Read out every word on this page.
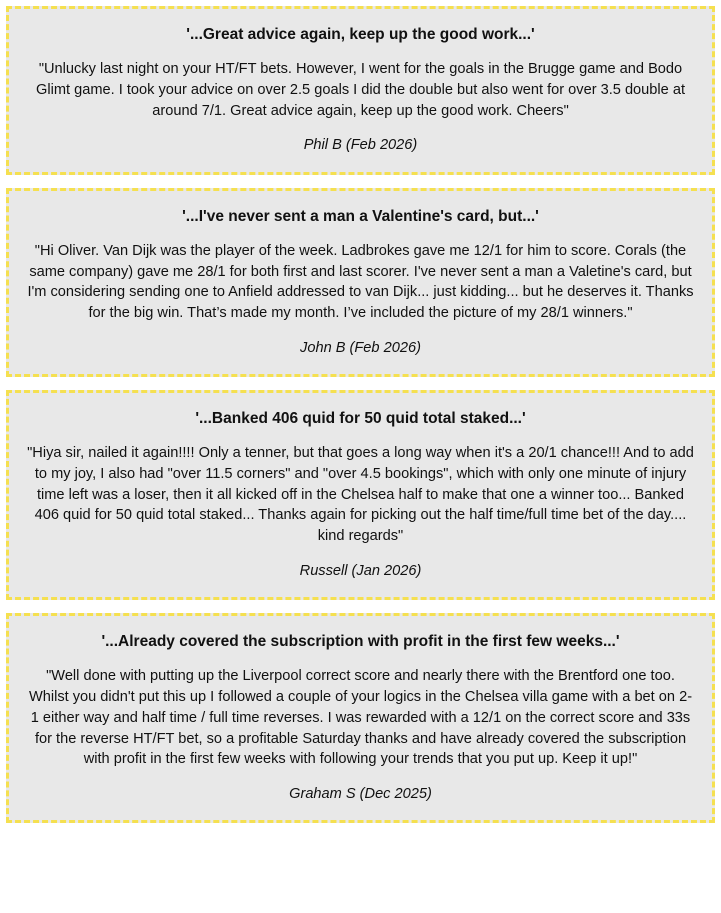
'...Great advice again, keep up the good work...'

"Unlucky last night on your HT/FT bets. However, I went for the goals in the Brugge game and Bodo Glimt game. I took your advice on over 2.5 goals I did the double but also went for over 3.5 double at around 7/1. Great advice again, keep up the good work. Cheers"

Phil B (Feb 2026)

'...I've never sent a man a Valentine's card, but...'

"Hi Oliver. Van Dijk was the player of the week. Ladbrokes gave me 12/1 for him to score. Corals (the same company) gave me 28/1 for both first and last scorer. I've never sent a man a Valetine's card, but I'm considering sending one to Anfield addressed to van Dijk... just kidding... but he deserves it. Thanks for the big win. That’s made my month. I’ve included the picture of my 28/1 winners."

John B (Feb 2026)

'...Banked 406 quid for 50 quid total staked...'

"Hiya sir, nailed it again!!!! Only a tenner, but that goes a long way when it's a 20/1 chance!!! And to add to my joy, I also had "over 11.5 corners" and "over 4.5 bookings", which with only one minute of injury time left was a loser, then it all kicked off in the Chelsea half to make that one a winner too... Banked 406 quid for 50 quid total staked... Thanks again for picking out the half time/full time bet of the day.... kind regards"

Russell (Jan 2026)

'...Already covered the subscription with profit in the first few weeks...'

"Well done with putting up the Liverpool correct score and nearly there with the Brentford one too. Whilst you didn't put this up I followed a couple of your logics in the Chelsea villa game with a bet on 2-1 either way and half time / full time reverses. I was rewarded with a 12/1 on the correct score and 33s for the reverse HT/FT bet, so a profitable Saturday thanks and have already covered the subscription with profit in the first few weeks with following your trends that you put up. Keep it up!"

Graham S (Dec 2025)
